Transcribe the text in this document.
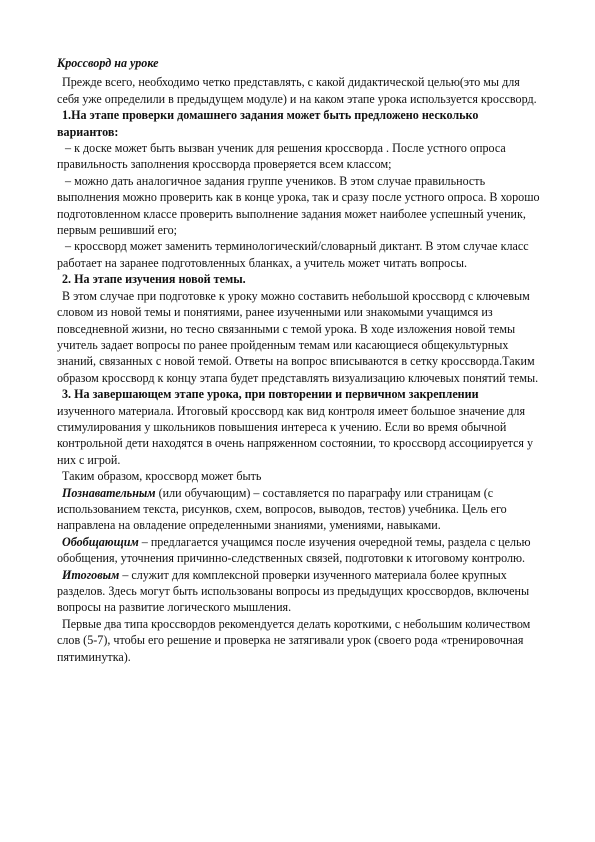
Кроссворд на уроке

Прежде всего, необходимо четко представлять, с какой дидактической целью(это мы для себя уже определили в предыдущем модуле) и на каком этапе урока используется кроссворд.

1.На этапе проверки домашнего задания может быть предложено несколько вариантов:

– к доске может быть вызван ученик для решения кроссворда . После устного опроса правильность заполнения кроссворда проверяется всем классом;

– можно дать аналогичное задания группе учеников. В этом случае правильность выполнения можно проверить как в конце урока, так и сразу после устного опроса. В хорошо подготовленном классе проверить выполнение задания может наиболее успешный ученик, первым решивший его;

– кроссворд может заменить терминологический/словарный диктант. В этом случае класс работает на заранее подготовленных бланках, а учитель может читать вопросы.

2. На этапе изучения новой темы.

В этом случае при подготовке к уроку можно составить небольшой кроссворд с ключевым словом из новой темы и понятиями, ранее изученными или знакомыми учащимся из повседневной жизни, но тесно связанными с темой урока. В ходе изложения новой темы учитель задает вопросы по ранее пройденным темам или касающиеся общекультурных знаний, связанных с новой темой. Ответы на вопрос вписываются в сетку кроссворда.Таким образом кроссворд к концу этапа будет представлять визуализацию ключевых понятий темы.

3. На завершающем этапе урока, при повторении и первичном закреплении

изученного материала. Итоговый кроссворд как вид контроля имеет большое значение для стимулирования у школьников повышения интереса к учению. Если во время обычной контрольной дети находятся в очень напряженном состоянии, то кроссворд ассоциируется у них с игрой.

Таким образом, кроссворд может быть

Познавательным (или обучающим) – составляется по параграфу или страницам (с использованием текста, рисунков, схем, вопросов, выводов, тестов) учебника. Цель его направлена на овладение определенными знаниями, умениями, навыками.

Обобщающим – предлагается учащимся после изучения очередной темы, раздела с целью обобщения, уточнения причинно-следственных связей, подготовки к итоговому контролю.

Итоговым – служит для комплексной проверки изученного материала более крупных разделов. Здесь могут быть использованы вопросы из предыдущих кроссвордов, включены вопросы на развитие логического мышления.

Первые два типа кроссвордов рекомендуется делать короткими, с небольшим количеством слов (5-7), чтобы его решение и проверка не затягивали урок (своего рода «тренировочная пятиминутка).
